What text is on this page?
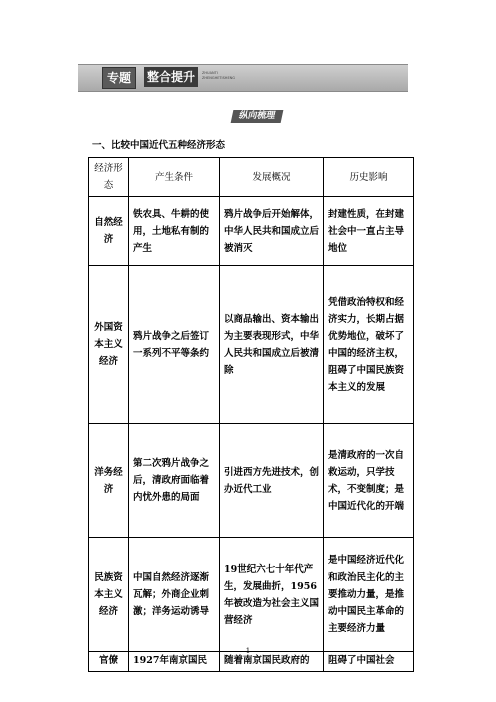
专题	整合提升	ZHUANTI
ZHENGHETISHENG
纵向梳理
一、比较中国近代五种经济形态
经济形态	产生条件	发展概况	历史影响
自然经济	铁农具、牛耕的使用，土地私有制的产生	鸦片战争后开始解体，中华人民共和国成立后被消灭	封建性质，在封建社会中一直占主导地位
外国资本主义经济	鸦片战争之后签订一系列不平等条约	以商品输出、资本输出为主要表现形式，中华人民共和国成立后被清除	凭借政治特权和经济实力，长期占据优势地位，破坏了中国的经济主权，阻碍了中国民族资本主义的发展
洋务经济	第二次鸦片战争之后，清政府面临着内忧外患的局面	引进西方先进技术，创办近代工业	是清政府的一次自救运动，只学技术，不变制度；是中国近代化的开端
民族资本主义经济	中国自然经济逐渐瓦解；外商企业刺激；洋务运动诱导	19世纪六七十年代产生，发展曲折，1956年被改造为社会主义国营经济	是中国经济近代化和政治民主化的主要推动力量，是推动中国民主革命的主要经济力量
官僚	1927年南京国民	随着南京国民政府的	阻碍了中国社会
1
